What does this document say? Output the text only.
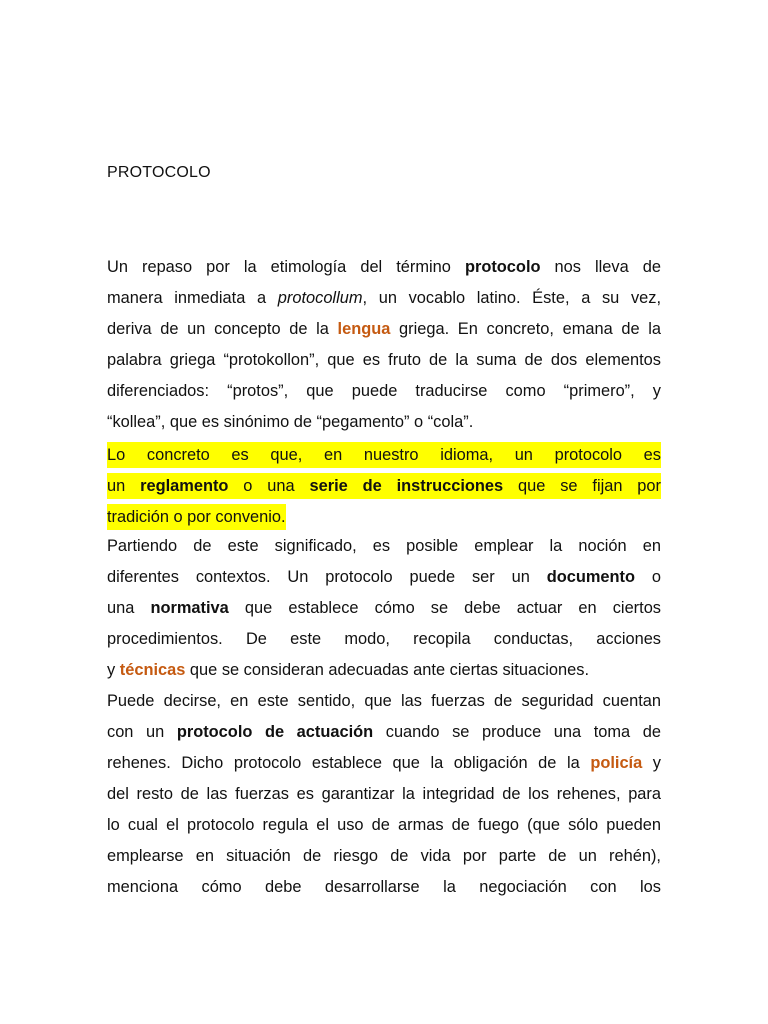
PROTOCOLO
Un repaso por la etimología del término protocolo nos lleva de
manera inmediata a protocollum, un vocablo latino. Éste, a su vez,
deriva de un concepto de la lengua griega. En concreto, emana de la
palabra griega “protokollon”, que es fruto de la suma de dos elementos
diferenciados: “protos”, que puede traducirse como “primero”, y
“kollea”, que es sinónimo de “pegamento” o “cola”.
Lo concreto es que, en nuestro idioma, un protocolo es
un reglamento o una serie de instrucciones que se fijan por
tradición o por convenio.
Partiendo de este significado, es posible emplear la noción en
diferentes contextos. Un protocolo puede ser un documento o
una normativa que establece cómo se debe actuar en ciertos
procedimientos. De este modo, recopila conductas, acciones
y técnicas que se consideran adecuadas ante ciertas situaciones.
Puede decirse, en este sentido, que las fuerzas de seguridad cuentan
con un protocolo de actuación cuando se produce una toma de
rehenes. Dicho protocolo establece que la obligación de la policía y
del resto de las fuerzas es garantizar la integridad de los rehenes, para
lo cual el protocolo regula el uso de armas de fuego (que sólo pueden
emplearse en situación de riesgo de vida por parte de un rehén),
menciona cómo debe desarrollarse la negociación con los
